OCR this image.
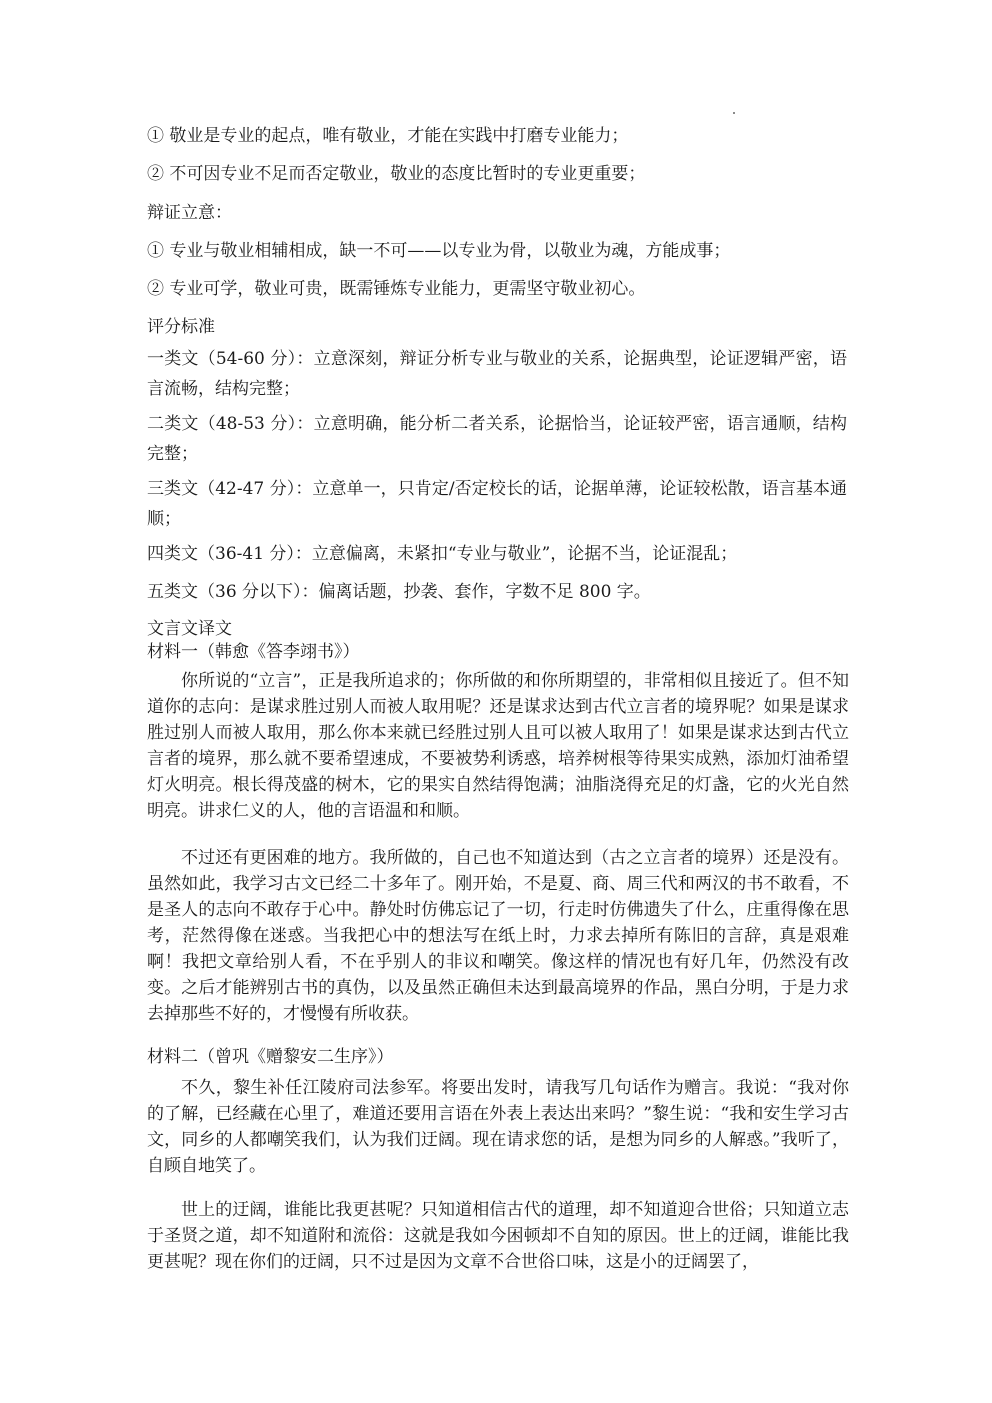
① 敬业是专业的起点，唯有敬业，才能在实践中打磨专业能力；

② 不可因专业不足而否定敬业，敬业的态度比暂时的专业更重要；

辩证立意：

① 专业与敬业相辅相成，缺一不可——以专业为骨，以敬业为魂，方能成事；

② 专业可学，敬业可贵，既需锤炼专业能力，更需坚守敬业初心。

评分标准

一类文（54-60 分）：立意深刻，辩证分析专业与敬业的关系，论据典型，论证逻辑严密，语言流畅，结构完整；

二类文（48-53 分）：立意明确，能分析二者关系，论据恰当，论证较严密，语言通顺，结构完整；

三类文（42-47 分）：立意单一，只肯定/否定校长的话，论据单薄，论证较松散，语言基本通顺；

四类文（36-41 分）：立意偏离，未紧扣“专业与敬业”，论据不当，论证混乱；

五类文（36 分以下）：偏离话题，抄袭、套作，字数不足 800 字。

文言文译文

材料一（韩愈《答李翊书》）

你所说的“立言”，正是我所追求的；你所做的和你所期望的，非常相似且接近了。但不知道你的志向：是谋求胜过别人而被人取用呢？还是谋求达到古代立言者的境界呢？如果是谋求胜过别人而被人取用，那么你本来就已经胜过别人且可以被人取用了！如果是谋求达到古代立言者的境界，那么就不要希望速成，不要被势利诱惑，培养树根等待果实成熟，添加灯油希望灯火明亮。根长得茂盛的树木，它的果实自然结得饱满；油脂浇得充足的灯盏，它的火光自然明亮。讲求仁义的人，他的言语温和和顺。

不过还有更困难的地方。我所做的，自己也不知道达到（古之立言者的境界）还是没有。虽然如此，我学习古文已经二十多年了。刚开始，不是夏、商、周三代和两汉的书不敢看，不是圣人的志向不敢存于心中。静处时仿佛忘记了一切，行走时仿佛遗失了什么，庄重得像在思考，茫然得像在迷惑。当我把心中的想法写在纸上时，力求去掉所有陈旧的言辞，真是艰难啊！我把文章给别人看，不在乎别人的非议和嘲笑。像这样的情况也有好几年，仍然没有改变。之后才能辨别古书的真伪，以及虽然正确但未达到最高境界的作品，黑白分明，于是力求去掉那些不好的，才慢慢有所收获。

材料二（曾巩《赠黎安二生序》）

不久，黎生补任江陵府司法参军。将要出发时，请我写几句话作为赠言。我说：“我对你的了解，已经藏在心里了，难道还要用言语在外表上表达出来吗？”黎生说：“我和安生学习古文，同乡的人都嘲笑我们，认为我们迂阔。现在请求您的话，是想为同乡的人解惑。”我听了，自顾自地笑了。

世上的迂阔，谁能比我更甚呢？只知道相信古代的道理，却不知道迎合世俗；只知道立志于圣贤之道，却不知道附和流俗：这就是我如今困顿却不自知的原因。世上的迂阔，谁能比我更甚呢？现在你们的迂阔，只不过是因为文章不合世俗口味，这是小的迂阔罢了，
